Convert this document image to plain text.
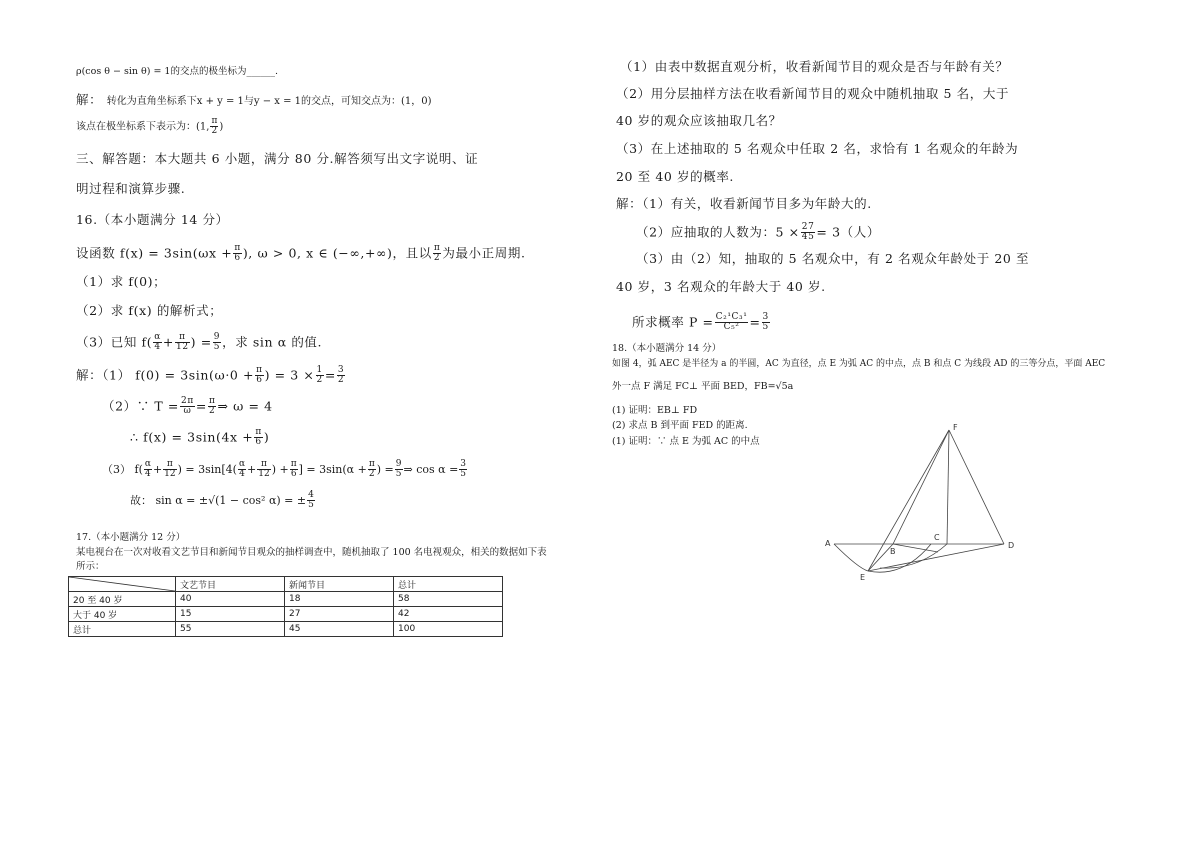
ρ(cos θ − sin θ) = 1的交点的极坐标为______.
解： 转化为直角坐标系下x + y = 1与y − x = 1的交点，可知交点为：(1，0)
该点在极坐标系下表示为：(1, $\frac{\pi}{2}$ )
三、解答题：本大题共 6 小题，满分 80 分.解答须写出文字说明、证
明过程和演算步骤.
16.（本小题满分 14 分）
设函数 $f(x) = 3\sin(\omega x + \frac{\pi}{6}$ ), ω > 0, x ∈ (−∞,+∞)，且以 $\frac{\pi}{2}$ 为最小正周期.
（1）求 f(0)；
（2）求 f(x) 的解析式；
（3）已知 $f( \frac{\alpha}{4} + \frac{\pi}{12}$ ) = $\frac{9}{5}$ ，求 sin α 的值.
解：（1） $f(0) = 3\sin(\omega\cdot 0 + \frac{\pi}{6}$ ) = $3 \times \frac{1}{2} = \frac{3}{2}$
（2）∵ $T = \frac{2\pi}{\omega} = \frac{\pi}{2}$ ⇒ ω = 4
∴ $f(x) = 3\sin(4x + \frac{\pi}{6}$ )
（3） $f( \frac{\alpha}{4} + \frac{\pi}{12}$ ) = $3\sin[4( \frac{\alpha}{4} + \frac{\pi}{12}$ ) + $\frac{\pi}{6}$ ] = $3\sin(\alpha + \frac{\pi}{2}$ ) = $\frac{9}{5}$ ⇒ $\cos \alpha = \frac{3}{5}$
故： sin α = ±√(1 − cos² α) = ± $\frac{4}{5}$
17.（本小题满分 12 分）
某电视台在一次对收看文艺节目和新闻节目观众的抽样调查中，随机抽取了 100 名电视观众，相关的数据如下表
所示：
	文艺节目	新闻节目	总计
20 至 40 岁	40	18	58
大于 40 岁	15	27	42
总计	55	45	100
（1）由表中数据直观分析，收看新闻节目的观众是否与年龄有关？
（2）用分层抽样方法在收看新闻节目的观众中随机抽取 5 名，大于
40 岁的观众应该抽取几名？
（3）在上述抽取的 5 名观众中任取 2 名，求恰有 1 名观众的年龄为
20 至 40 岁的概率.
解：（1）有关，收看新闻节目多为年龄大的.
（2）应抽取的人数为：$5 \times \frac{27}{45} = 3$（人）
（3）由（2）知，抽取的 5 名观众中，有 2 名观众年龄处于 20 至
40 岁，3 名观众的年龄大于 40 岁.
所求概率 $P = \frac{\text{C₂¹C₃¹}}{\text{C₅²}} = \frac{3}{5}$
18.（本小题满分 14 分）
如图 4，弧 AEC 是半径为 a 的半圆，AC 为直径，点 E 为弧 AC 的中点，点 B 和点 C 为线段 AD 的三等分点，平面 AEC
外一点 F 满足 FC⊥ 平面 BED，FB=√5a
(1) 证明：EB⊥ FD
(2) 求点 B 到平面 FED 的距离.
(1) 证明：∵ 点 E 为弧 AC 的中点
A
B
C
D
E
F
